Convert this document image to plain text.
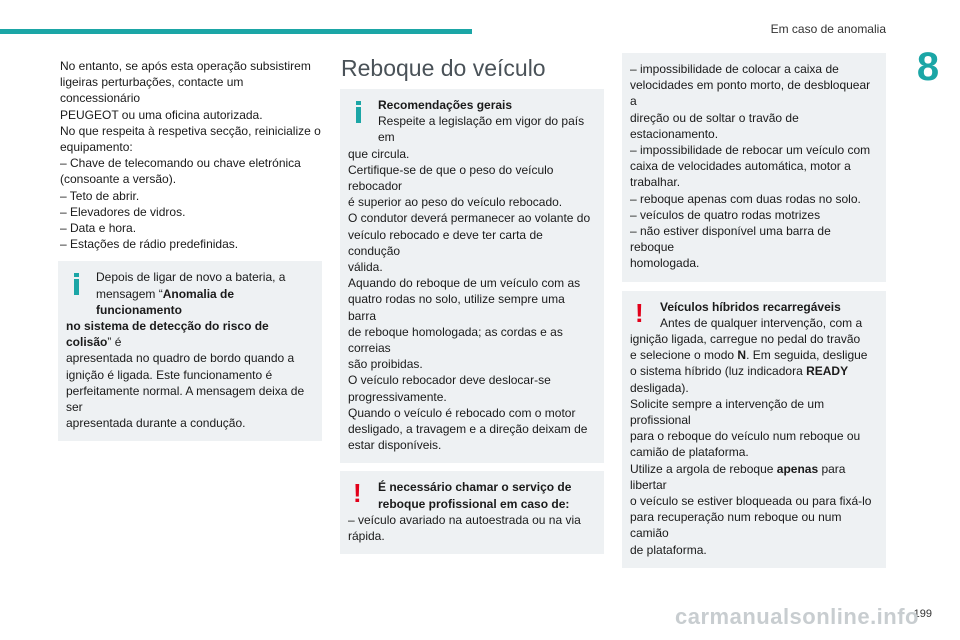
Em caso de anomalia
8

No entanto, se após esta operação subsistirem

ligeiras perturbações, contacte um concessionário

PEUGEOT ou uma oficina autorizada.

No que respeita à respetiva secção, reinicialize o

equipamento:

– Chave de telecomando ou chave eletrónica

(consoante a versão).

– Teto de abrir.

– Elevadores de vidros.

– Data e hora.

– Estações de rádio predefinidas.

Depois de ligar de novo a bateria, a

mensagem “Anomalia de funcionamento

no sistema de detecção do risco de colisão” é

apresentada no quadro de bordo quando a

ignição é ligada. Este funcionamento é

perfeitamente normal. A mensagem deixa de ser

apresentada durante a condução.

Reboque do veículo

Recomendações gerais

Respeite a legislação em vigor do país em

que circula.

Certifique-se de que o peso do veículo rebocador

é superior ao peso do veículo rebocado.

O condutor deverá permanecer ao volante do

veículo rebocado e deve ter carta de condução

válida.

Aquando do reboque de um veículo com as

quatro rodas no solo, utilize sempre uma barra

de reboque homologada; as cordas e as correias

são proibidas.

O veículo rebocador deve deslocar-se

progressivamente.

Quando o veículo é rebocado com o motor

desligado, a travagem e a direção deixam de

estar disponíveis.

! É necessário chamar o serviço de

reboque profissional em caso de:

– veículo avariado na autoestrada ou na via

rápida.

– impossibilidade de colocar a caixa de

velocidades em ponto morto, de desbloquear a

direção ou de soltar o travão de estacionamento.

– impossibilidade de rebocar um veículo com

caixa de velocidades automática, motor a

trabalhar.

– reboque apenas com duas rodas no solo.

– veículos de quatro rodas motrizes

– não estiver disponível uma barra de reboque

homologada.

! Veículos híbridos recarregáveis

Antes de qualquer intervenção, com a

ignição ligada, carregue no pedal do travão

e selecione o modo N. Em seguida, desligue

o sistema híbrido (luz indicadora READY

desligada).

Solicite sempre a intervenção de um profissional

para o reboque do veículo num reboque ou

camião de plataforma.

Utilize a argola de reboque apenas para libertar

o veículo se estiver bloqueada ou para fixá-lo

para recuperação num reboque ou num camião

de plataforma.

199
carmanualsonline.info
